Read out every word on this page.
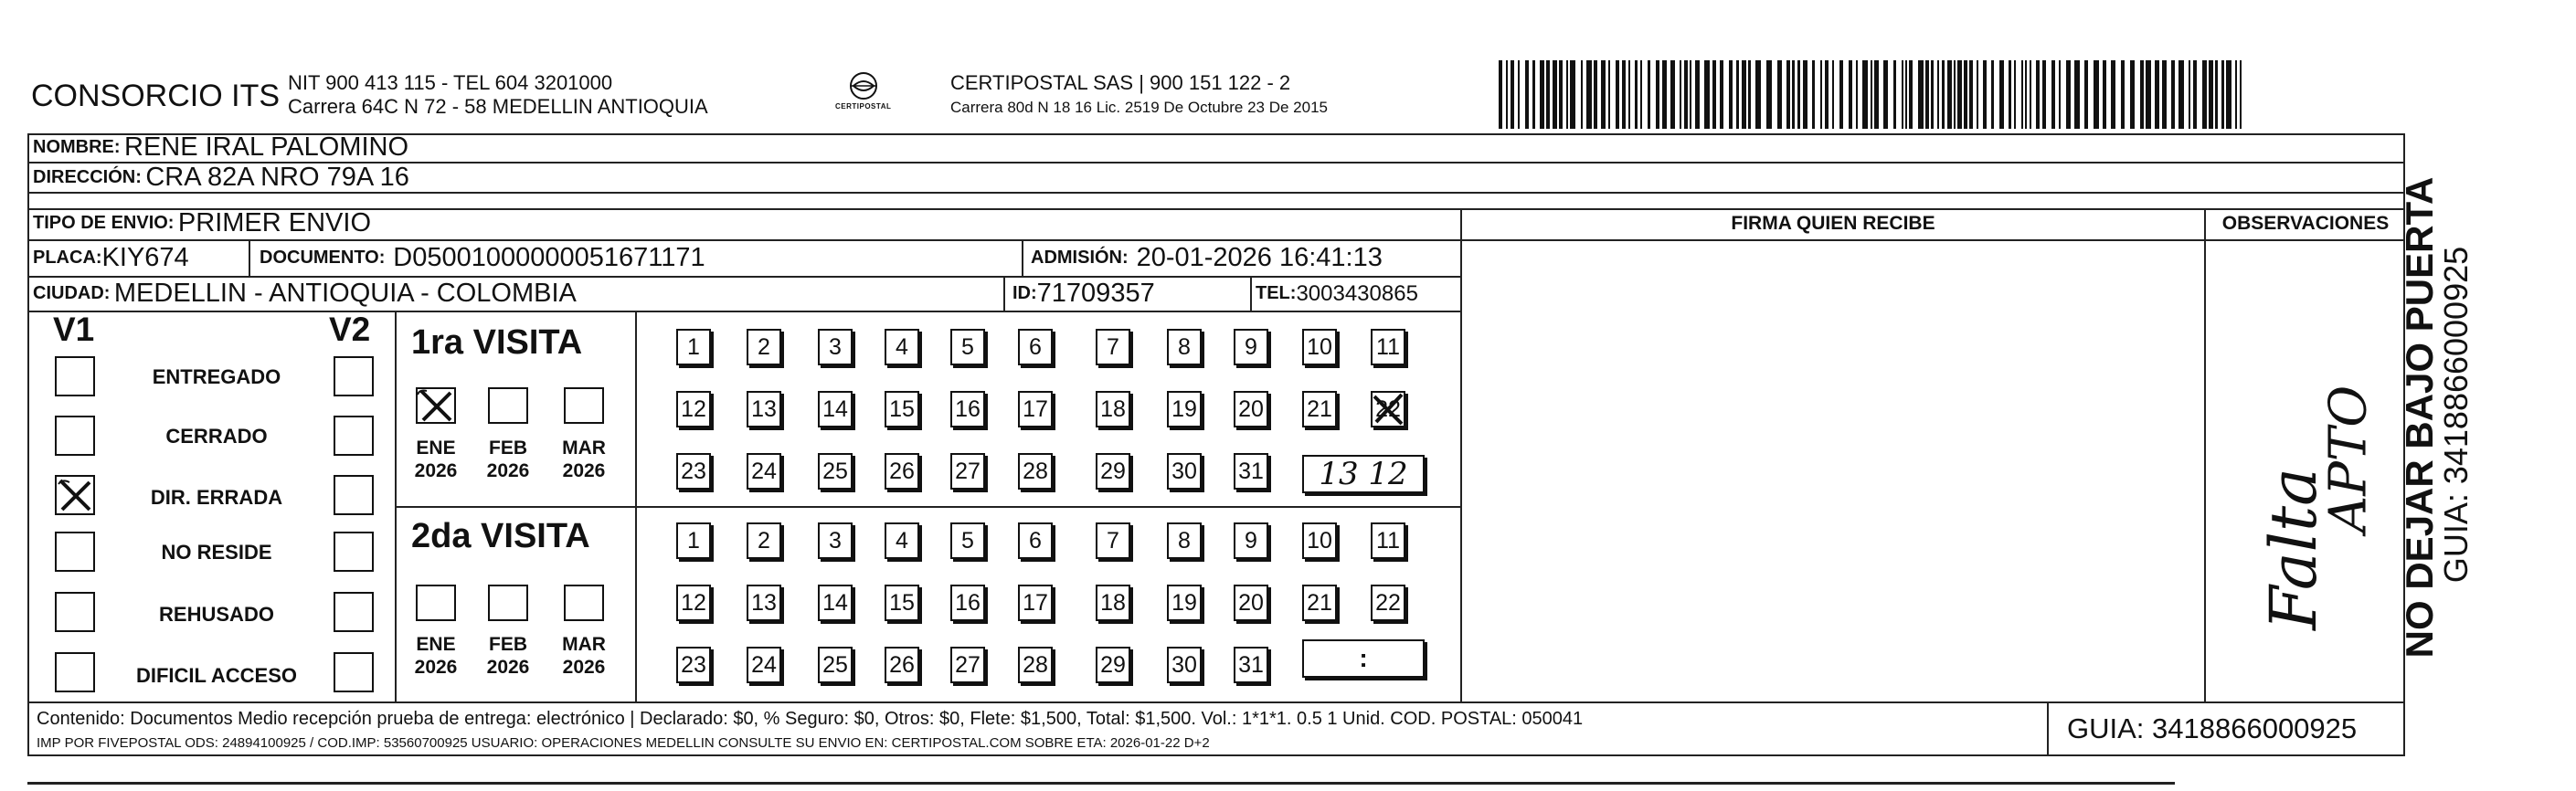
CONSORCIO ITS NIT 900 413 115 - TEL 604 3201000
Carrera 64C N 72 - 58 MEDELLIN ANTIOQUIA	CERTIPOSTAL
CERTIPOSTAL SAS | 900 151 122 - 2
Carrera 80d N 18 16 Lic. 2519 De Octubre 23 De 2015
NOMBRE:
RENE IRAL PALOMINO
DIRECCIÓN:
CRA 82A NRO 79A 16
TIPO DE ENVIO:
PRIMER ENVIO	FIRMA QUIEN RECIBE	OBSERVACIONES
PLACA: KIY674	DOCUMENTO:
D05001000000051671171	ADMISIÓN:
20-01-2026 16:41:13
CIUDAD:
MEDELLIN - ANTIOQUIA - COLOMBIA	ID: 71709357	TEL: 3003430865
V1	V2
ENTREGADO
CERRADO
DIR. ERRADA
NO RESIDE
REHUSADO
DIFICIL ACCESO
1ra VISITA
2da VISITA
ENE
2026
FEB
2026
MAR
2026
ENE
2026
FEB
2026
MAR
2026
1	2	3 4 5 6	7	8 9 10 11
12 13 14 15 16 17 18 19 20 21 22
23 24 25 26 27 28 29 30 31
1	2	3 4 5 6	7	8 9 10 11
12 13 14 15 16 17 18 19 20 21 22
23 24 25 26 27 28 29 30 31
13 12
:
Falta
APTO
Contenido: Documentos Medio recepción prueba de entrega: electrónico | Declarado: $0, % Seguro: $0, Otros: $0, Flete: $1,500, Total: $1,500. Vol.: 1*1*1. 0.5 1 Unid. COD. POSTAL: 050041
IMP POR FIVEPOSTAL ODS: 24894100925 / COD.IMP: 53560700925 USUARIO: OPERACIONES MEDELLIN CONSULTE SU ENVIO EN: CERTIPOSTAL.COM SOBRE ETA: 2026-01-22 D+2	GUIA: 3418866000925
NO DEJAR BAJO PUERTA
GUIA: 3418866000925
